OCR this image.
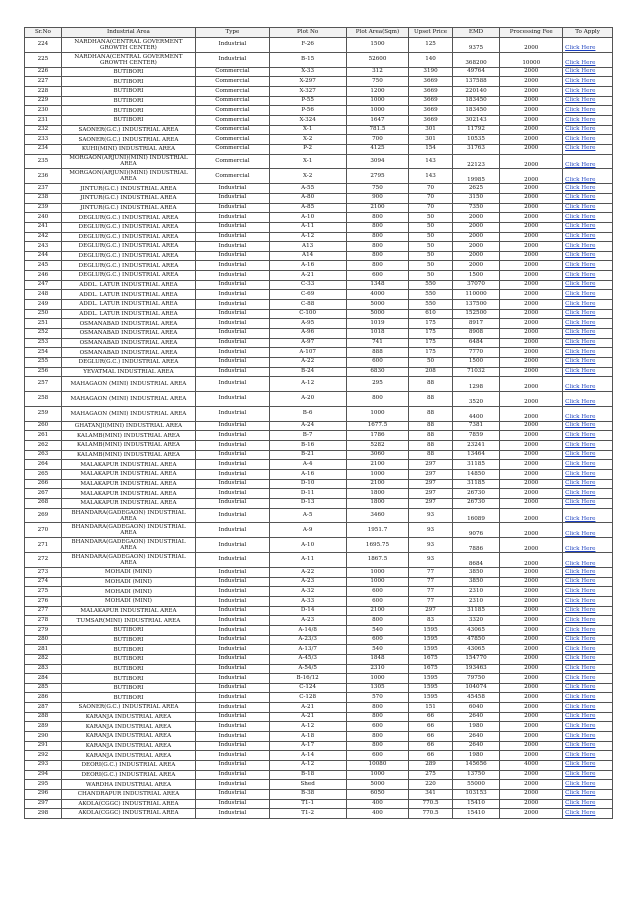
Sr.No	Industrial Area	Type	Plot No	Plot Area(Sqm)	Upset Price	EMD	Processing Fee	To Apply
224	NARDHANA(CENTRAL GOVERMENT GROWTH CENTER)	Industrial	F-26	1500	125	9375	2000	Click Here
225	NARDHANA(CENTRAL GOVERMENT GROWTH CENTER)	Industrial	B-15	52600	140	368200	10000	Click Here
226	BUTIBORI	Commercial	X-33	312	3190	49764	2000	Click Here
227	BUTIBORI	Commercial	X-297	750	3669	137588	2000	Click Here
228	BUTIBORI	Commercial	X-327	1200	3669	220140	2000	Click Here
229	BUTIBORI	Commercial	P-55	1000	3669	183450	2000	Click Here
230	BUTIBORI	Commercial	P-56	1000	3669	183450	2000	Click Here
231	BUTIBORI	Commercial	X-324	1647	3669	302143	2000	Click Here
232	SAONER(G.C.) INDUSTRIAL AREA	Commercial	X-1	781.5	301	11792	2000	Click Here
233	SAONER(G.C.) INDUSTRIAL AREA	Commercial	X-2	700	301	10535	2000	Click Here
234	KUHI(MINI) INDUSTRIAL AREA	Commercial	P-2	4125	154	31763	2000	Click Here
235	MORGAON(ARJUNI)(MINI) INDUSTRIAL AREA	Commercial	X-1	3094	143	22123	2000	Click Here
236	MORGAON(ARJUNI)(MINI) INDUSTRIAL AREA	Commercial	X-2	2795	143	19985	2000	Click Here
237	JINTUR(G.C.) INDUSTRIAL AREA	Industrial	A-55	750	70	2625	2000	Click Here
238	JINTUR(G.C.) INDUSTRIAL AREA	Industrial	A-80	900	70	3150	2000	Click Here
239	JINTUR(G.C.) INDUSTRIAL AREA	Industrial	A-85	2100	70	7350	2000	Click Here
240	DEGLUR(G.C.) INDUSTRIAL AREA	Industrial	A-10	800	50	2000	2000	Click Here
241	DEGLUR(G.C.) INDUSTRIAL AREA	Industrial	A-11	800	50	2000	2000	Click Here
242	DEGLUR(G.C.) INDUSTRIAL AREA	Industrial	A-12	800	50	2000	2000	Click Here
243	DEGLUR(G.C.) INDUSTRIAL AREA	Industrial	A13	800	50	2000	2000	Click Here
244	DEGLUR(G.C.) INDUSTRIAL AREA	Industrial	A14	800	50	2000	2000	Click Here
245	DEGLUR(G.C.) INDUSTRIAL AREA	Industrial	A-16	800	50	2000	2000	Click Here
246	DEGLUR(G.C.) INDUSTRIAL AREA	Industrial	A-21	600	50	1500	2000	Click Here
247	ADDL. LATUR INDUSTRIAL AREA	Industrial	C-33	1348	550	37070	2000	Click Here
248	ADDL. LATUR INDUSTRIAL AREA	Industrial	C-69	4000	550	110000	2000	Click Here
249	ADDL. LATUR INDUSTRIAL AREA	Industrial	C-88	5000	550	137500	2000	Click Here
250	ADDL. LATUR INDUSTRIAL AREA	Industrial	C-100	5000	610	152500	2000	Click Here
251	OSMANABAD INDUSTRIAL AREA	Industrial	A-95	1019	175	8917	2000	Click Here
252	OSMANABAD INDUSTRIAL AREA	Industrial	A-96	1018	175	8908	2000	Click Here
253	OSMANABAD INDUSTRIAL AREA	Industrial	A-97	741	175	6484	2000	Click Here
254	OSMANABAD INDUSTRIAL AREA	Industrial	A-107	888	175	7770	2000	Click Here
255	DEGLUR(G.C.) INDUSTRIAL AREA	Industrial	A-22	600	50	1500	2000	Click Here
256	YEVATMAL INDUSTRIAL AREA	Industrial	B-24	6830	208	71032	2000	Click Here
257	MAHAGAON (MINI) INDUSTRIAL AREA	Industrial	A-12	295	88	1298	2000	Click Here
258	MAHAGAON (MINI) INDUSTRIAL AREA	Industrial	A-20	800	88	3520	2000	Click Here
259	MAHAGAON (MINI) INDUSTRIAL AREA	Industrial	B-6	1000	88	4400	2000	Click Here
260	GHATANJI(MINI) INDUSTRIAL AREA	Industrial	A-24	1677.5	88	7381	2000	Click Here
261	KALAMB(MINI) INDUSTRIAL AREA	Industrial	B-7	1786	88	7859	2000	Click Here
262	KALAMB(MINI) INDUSTRIAL AREA	Industrial	B-16	5282	88	23241	2000	Click Here
263	KALAMB(MINI) INDUSTRIAL AREA	Industrial	B-21	3060	88	13464	2000	Click Here
264	MALAKAPUR INDUSTRIAL AREA	Industrial	A-4	2100	297	31185	2000	Click Here
265	MALAKAPUR INDUSTRIAL AREA	Industrial	A-16	1000	297	14850	2000	Click Here
266	MALAKAPUR INDUSTRIAL AREA	Industrial	D-10	2100	297	31185	2000	Click Here
267	MALAKAPUR INDUSTRIAL AREA	Industrial	D-11	1800	297	26730	2000	Click Here
268	MALAKAPUR INDUSTRIAL AREA	Industrial	D-13	1800	297	26730	2000	Click Here
269	BHANDARA(GADEGAON) INDUSTRIAL AREA	Industrial	A-5	3460	93	16089	2000	Click Here
270	BHANDARA(GADEGAON) INDUSTRIAL AREA	Industrial	A-9	1951.7	93	9076	2000	Click Here
271	BHANDARA(GADEGAON) INDUSTRIAL AREA	Industrial	A-10	1695.75	93	7886	2000	Click Here
272	BHANDARA(GADEGAON) INDUSTRIAL AREA	Industrial	A-11	1867.5	93	8684	2000	Click Here
273	MOHADI (MINI)	Industrial	A-22	1000	77	3850	2000	Click Here
274	MOHADI (MINI)	Industrial	A-23	1000	77	3850	2000	Click Here
275	MOHADI (MINI)	Industrial	A-32	600	77	2310	2000	Click Here
276	MOHADI (MINI)	Industrial	A-33	600	77	2310	2000	Click Here
277	MALAKAPUR INDUSTRIAL AREA	Industrial	D-14	2100	297	31185	2000	Click Here
278	TUMSAR(MINI) INDUSTRIAL AREA	Industrial	A-23	800	83	3320	2000	Click Here
279	BUTIBORI	Industrial	A-14/8	540	1595	43065	2000	Click Here
280	BUTIBORI	Industrial	A-23/3	600	1595	47850	2000	Click Here
281	BUTIBORI	Industrial	A-13/7	540	1595	43065	2000	Click Here
282	BUTIBORI	Industrial	A-45/3	1848	1675	154770	2000	Click Here
283	BUTIBORI	Industrial	A-54/5	2310	1675	193463	2000	Click Here
284	BUTIBORI	Industrial	B-16/12	1000	1595	79750	2000	Click Here
285	BUTIBORI	Industrial	C-124	1305	1595	104074	2000	Click Here
286	BUTIBORI	Industrial	C-128	570	1595	45458	2000	Click Here
287	SAONER(G.C.) INDUSTRIAL AREA	Industrial	A-21	800	151	6040	2000	Click Here
288	KARANJA INDUSTRIAL AREA	Industrial	A-21	800	66	2640	2000	Click Here
289	KARANJA INDUSTRIAL AREA	Industrial	A-12	600	66	1980	2000	Click Here
290	KARANJA INDUSTRIAL AREA	Industrial	A-18	800	66	2640	2000	Click Here
291	KARANJA INDUSTRIAL AREA	Industrial	A-17	800	66	2640	2000	Click Here
292	KARANJA INDUSTRIAL AREA	Industrial	A-14	600	66	1980	2000	Click Here
293	DEORI(G.C.) INDUSTRIAL AREA	Industrial	A-12	10080	289	145656	4000	Click Here
294	DEORI(G.C.) INDUSTRIAL AREA	Industrial	B-18	1000	275	13750	2000	Click Here
295	WARDHA INDUSTRIAL AREA	Industrial	Shed	5000	220	55000	2000	Click Here
296	CHANDRAPUR INDUSTRIAL AREA	Industrial	B-38	6050	341	103153	2000	Click Here
297	AKOLA(CGGC) INDUSTRIAL AREA	Industrial	T1-1	400	770.5	15410	2000	Click Here
298	AKOLA(CGGC) INDUSTRIAL AREA	Industrial	T1-2	400	770.5	15410	2000	Click Here
